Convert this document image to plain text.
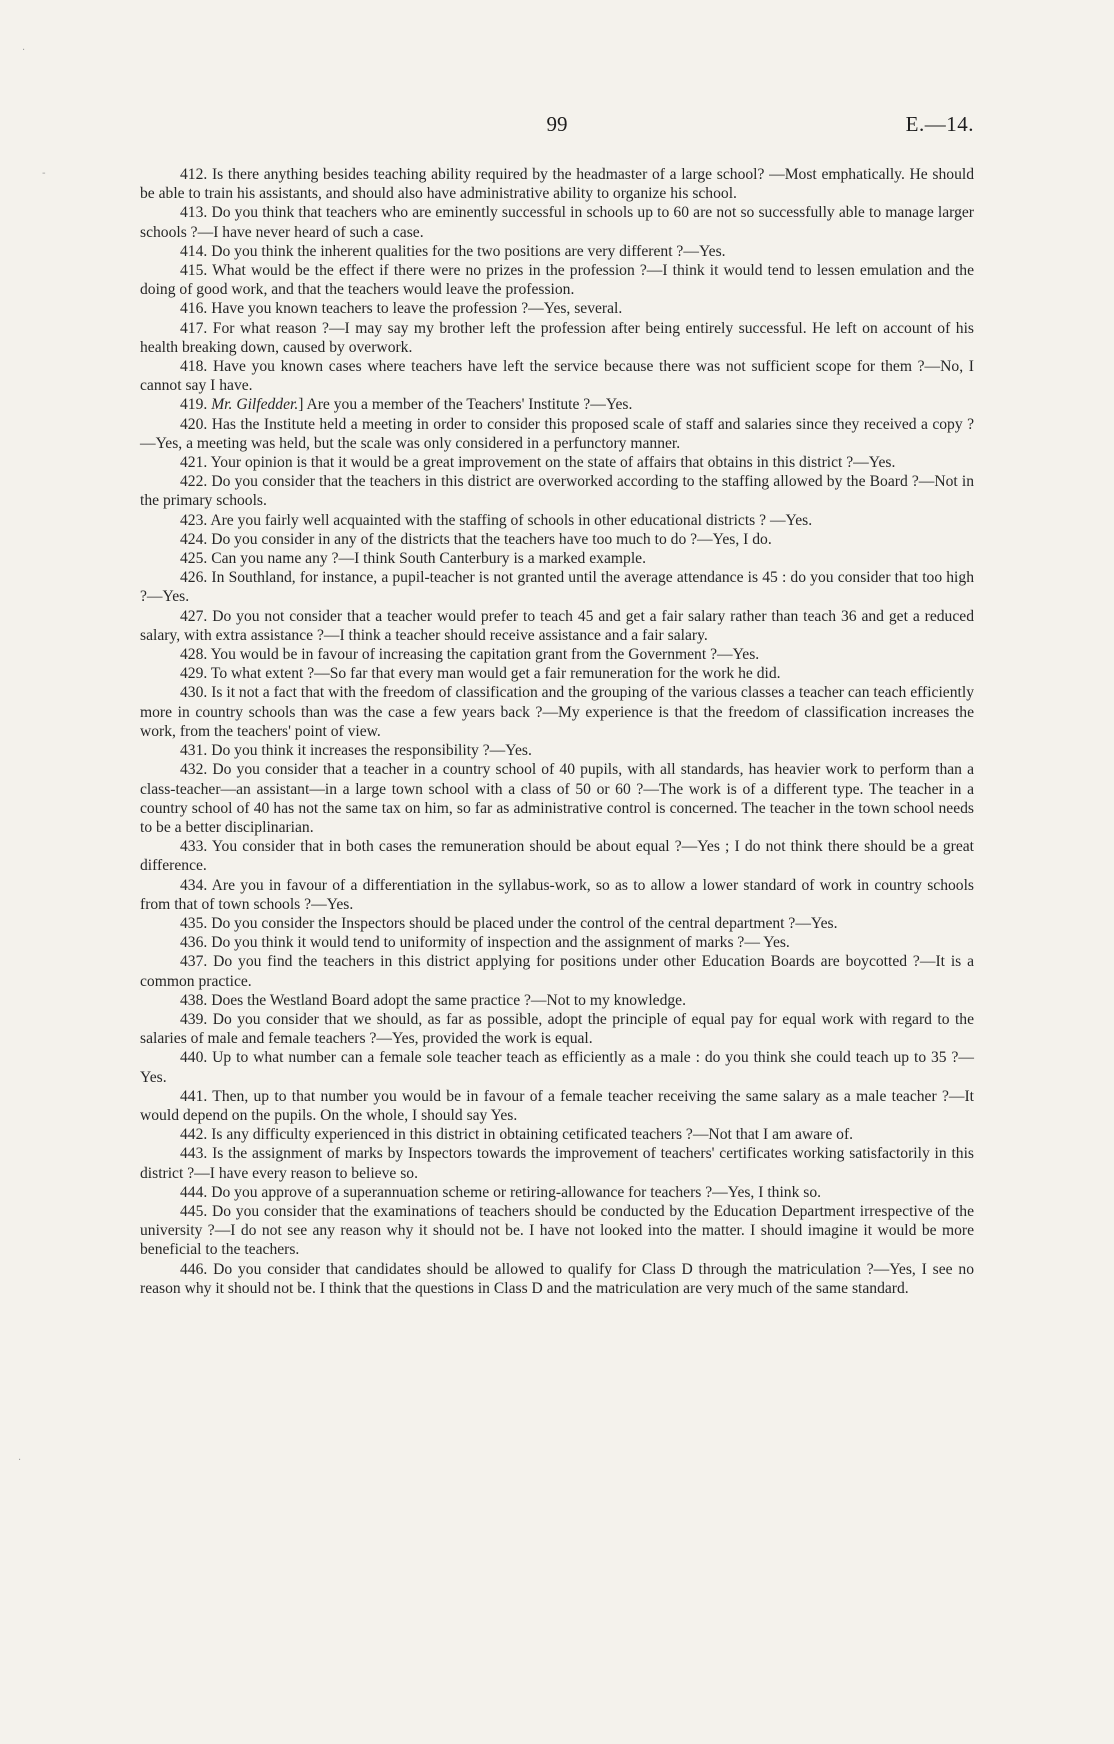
99	E.—14.

412. Is there anything besides teaching ability required by the headmaster of a large school? —Most emphatically. He should be able to train his assistants, and should also have administrative ability to organize his school.

413. Do you think that teachers who are eminently successful in schools up to 60 are not so successfully able to manage larger schools ?—I have never heard of such a case.

414. Do you think the inherent qualities for the two positions are very different ?—Yes.

415. What would be the effect if there were no prizes in the profession ?—I think it would tend to lessen emulation and the doing of good work, and that the teachers would leave the profession.

416. Have you known teachers to leave the profession ?—Yes, several.

417. For what reason ?—I may say my brother left the profession after being entirely successful. He left on account of his health breaking down, caused by overwork.

418. Have you known cases where teachers have left the service because there was not sufficient scope for them ?—No, I cannot say I have.

419. Mr. Gilfedder.] Are you a member of the Teachers' Institute ?—Yes.

420. Has the Institute held a meeting in order to consider this proposed scale of staff and salaries since they received a copy ?—Yes, a meeting was held, but the scale was only considered in a perfunctory manner.

421. Your opinion is that it would be a great improvement on the state of affairs that obtains in this district ?—Yes.

422. Do you consider that the teachers in this district are overworked according to the staffing allowed by the Board ?—Not in the primary schools.

423. Are you fairly well acquainted with the staffing of schools in other educational districts ? —Yes.

424. Do you consider in any of the districts that the teachers have too much to do ?—Yes, I do.

425. Can you name any ?—I think South Canterbury is a marked example.

426. In Southland, for instance, a pupil-teacher is not granted until the average attendance is 45 : do you consider that too high ?—Yes.

427. Do you not consider that a teacher would prefer to teach 45 and get a fair salary rather than teach 36 and get a reduced salary, with extra assistance ?—I think a teacher should receive assistance and a fair salary.

428. You would be in favour of increasing the capitation grant from the Government ?—Yes.

429. To what extent ?—So far that every man would get a fair remuneration for the work he did.

430. Is it not a fact that with the freedom of classification and the grouping of the various classes a teacher can teach efficiently more in country schools than was the case a few years back ?—My experience is that the freedom of classification increases the work, from the teachers' point of view.

431. Do you think it increases the responsibility ?—Yes.

432. Do you consider that a teacher in a country school of 40 pupils, with all standards, has heavier work to perform than a class-teacher—an assistant—in a large town school with a class of 50 or 60 ?—The work is of a different type. The teacher in a country school of 40 has not the same tax on him, so far as administrative control is concerned. The teacher in the town school needs to be a better disciplinarian.

433. You consider that in both cases the remuneration should be about equal ?—Yes ; I do not think there should be a great difference.

434. Are you in favour of a differentiation in the syllabus-work, so as to allow a lower standard of work in country schools from that of town schools ?—Yes.

435. Do you consider the Inspectors should be placed under the control of the central department ?—Yes.

436. Do you think it would tend to uniformity of inspection and the assignment of marks ?— Yes.

437. Do you find the teachers in this district applying for positions under other Education Boards are boycotted ?—It is a common practice.

438. Does the Westland Board adopt the same practice ?—Not to my knowledge.

439. Do you consider that we should, as far as possible, adopt the principle of equal pay for equal work with regard to the salaries of male and female teachers ?—Yes, provided the work is equal.

440. Up to what number can a female sole teacher teach as efficiently as a male : do you think she could teach up to 35 ?—Yes.

441. Then, up to that number you would be in favour of a female teacher receiving the same salary as a male teacher ?—It would depend on the pupils. On the whole, I should say Yes.

442. Is any difficulty experienced in this district in obtaining cetificated teachers ?—Not that I am aware of.

443. Is the assignment of marks by Inspectors towards the improvement of teachers' certificates working satisfactorily in this district ?—I have every reason to believe so.

444. Do you approve of a superannuation scheme or retiring-allowance for teachers ?—Yes, I think so.

445. Do you consider that the examinations of teachers should be conducted by the Education Department irrespective of the university ?—I do not see any reason why it should not be. I have not looked into the matter. I should imagine it would be more beneficial to the teachers.

446. Do you consider that candidates should be allowed to qualify for Class D through the matriculation ?—Yes, I see no reason why it should not be. I think that the questions in Class D and the matriculation are very much of the same standard.

·
-
·
